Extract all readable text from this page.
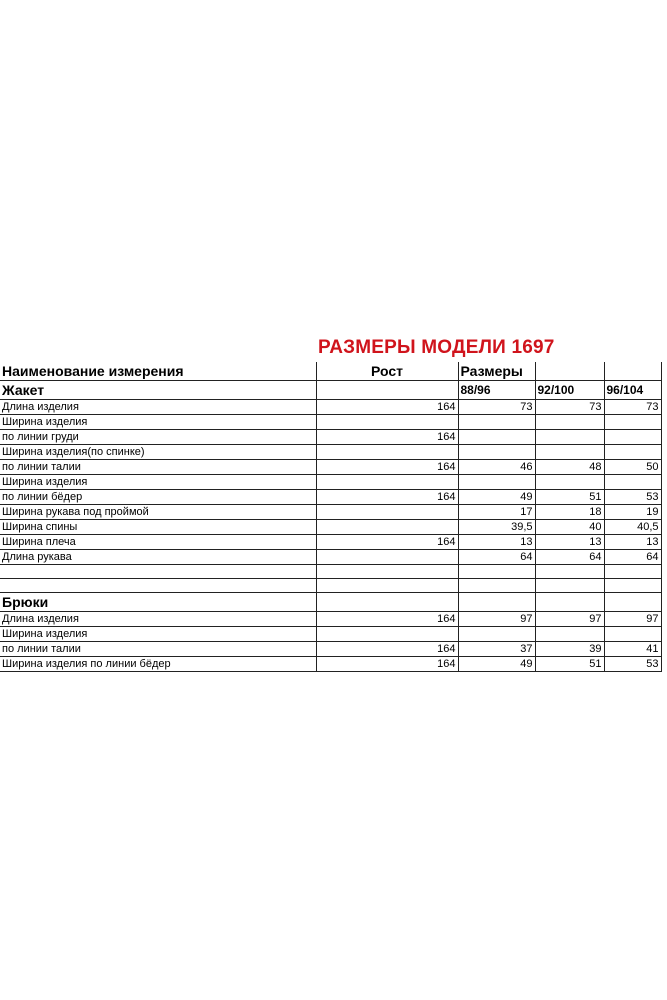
РАЗМЕРЫ МОДЕЛИ 1697
Наименование измерения	Рост	Размеры		
Жакет		88/96	92/100	96/104
Длина изделия	164	73	73	73
Ширина изделия				
по линии груди	164			
Ширина изделия(по спинке)				
по линии талии	164	46	48	50
Ширина изделия				
по линии бёдер	164	49	51	53
Ширина рукава под проймой		17	18	19
Ширина спины		39,5	40	40,5
Ширина плеча	164	13	13	13
Длина рукава		64	64	64

Брюки				
Длина изделия	164	97	97	97
Ширина изделия				
по линии талии	164	37	39	41
Ширина изделия по линии бёдер	164	49	51	53
